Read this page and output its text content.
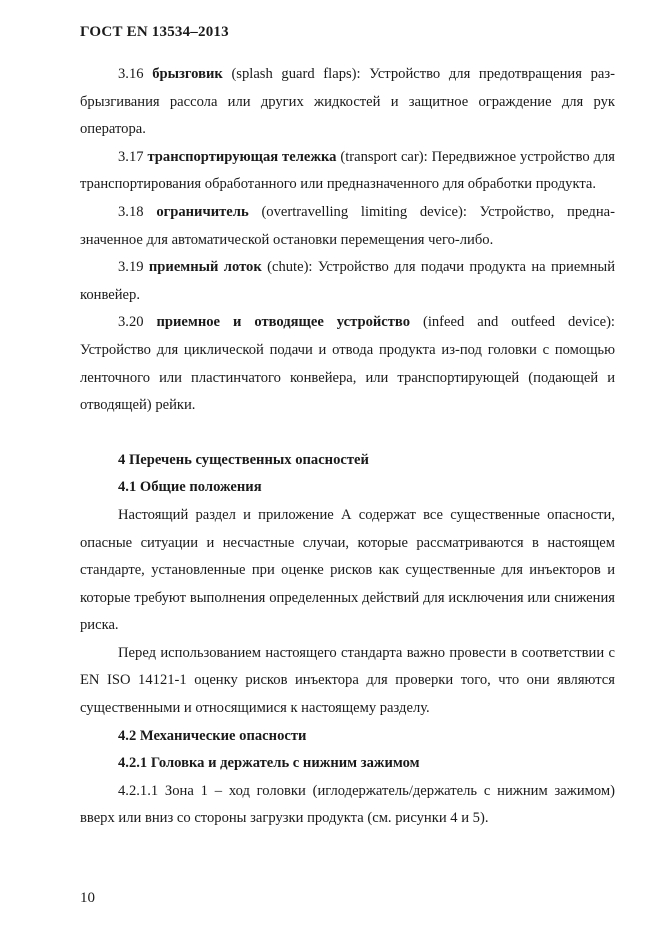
ГОСТ EN 13534–2013

3.16 брызговик (splash guard flaps): Устройство для предотвращения разбрызгивания рассола или других жидкостей и защитное ограждение для рук оператора.

3.17 транспортирующая тележка (transport car): Передвижное устройство для транспортирования обработанного или предназначенного для обработки продукта.

3.18 ограничитель (overtravelling limiting device): Устройство, предназначенное для автоматической остановки перемещения чего-либо.

3.19 приемный лоток (chute): Устройство для подачи продукта на приемный конвейер.

3.20 приемное и отводящее устройство (infeed and outfeed device): Устройство для циклической подачи и отвода продукта из-под головки с помощью ленточного или пластинчатого конвейера, или транспортирующей (подающей и отводящей) рейки.

4 Перечень существенных опасностей
4.1 Общие положения

Настоящий раздел и приложение А содержат все существенные опасности, опасные ситуации и несчастные случаи, которые рассматриваются в настоящем стандарте, установленные при оценке рисков как существенные для инъекторов и которые требуют выполнения определенных действий для исключения или снижения риска.

Перед использованием настоящего стандарта важно провести в соответствии с EN ISO 14121-1 оценку рисков инъектора для проверки того, что они являются существенными и относящимися к настоящему разделу.

4.2 Механические опасности
4.2.1 Головка и держатель с нижним зажимом

4.2.1.1 Зона 1 – ход головки (иглодержатель/держатель с нижним зажимом) вверх или вниз со стороны загрузки продукта (см. рисунки 4 и 5).

10
